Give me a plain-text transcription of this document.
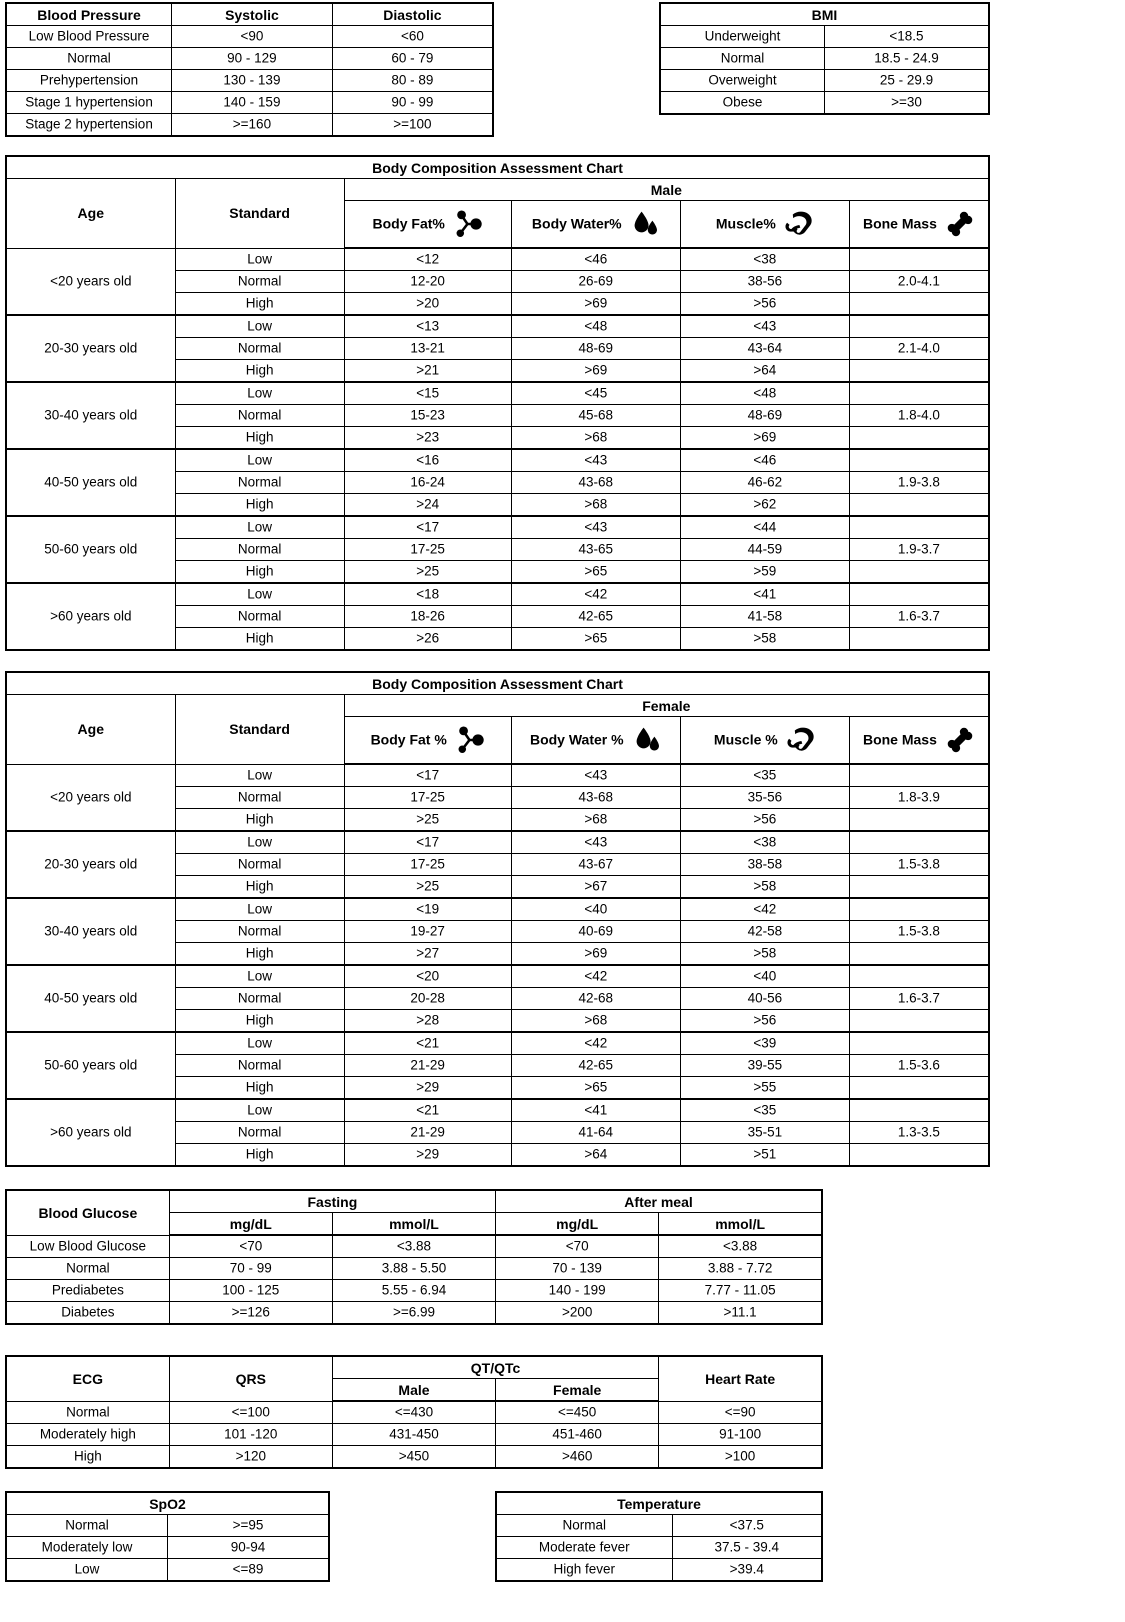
Blood Pressure	Systolic	Diastolic
Low Blood Pressure	<90	<60
Normal	90 - 129	60 - 79
Prehypertension	130 - 139	80 - 89
Stage 1 hypertension	140 - 159	90 - 99
Stage 2 hypertension	>=160	>=100
BMI	
Underweight	<18.5
Normal	18.5 - 24.9
Overweight	25 - 29.9
Obese	>=30
Body Composition Assessment Chart					
Age	Standard	Male			
		Body Fat%	Body Water%	Muscle%	Bone Mass

<20 years old	Low	<12	<46	<38	
	Normal	12-20	26-69	38-56	2.0-4.1
	High	>20	>69	>56	
20-30 years old	Low	<13	<48	<43	
	Normal	13-21	48-69	43-64	2.1-4.0
	High	>21	>69	>64	
30-40 years old	Low	<15	<45	<48	
	Normal	15-23	45-68	48-69	1.8-4.0
	High	>23	>68	>69	
40-50 years old	Low	<16	<43	<46	
	Normal	16-24	43-68	46-62	1.9-3.8
	High	>24	>68	>62	
50-60 years old	Low	<17	<43	<44	
	Normal	17-25	43-65	44-59	1.9-3.7
	High	>25	>65	>59	
>60 years old	Low	<18	<42	<41	
	Normal	18-26	42-65	41-58	1.6-3.7
	High	>26	>65	>58	
Body Composition Assessment Chart					
Age	Standard	Female			
		Body Fat %	Body Water %	Muscle %	Bone Mass

<20 years old	Low	<17	<43	<35	
	Normal	17-25	43-68	35-56	1.8-3.9
	High	>25	>68	>56	
20-30 years old	Low	<17	<43	<38	
	Normal	17-25	43-67	38-58	1.5-3.8
	High	>25	>67	>58	
30-40 years old	Low	<19	<40	<42	
	Normal	19-27	40-69	42-58	1.5-3.8
	High	>27	>69	>58	
40-50 years old	Low	<20	<42	<40	
	Normal	20-28	42-68	40-56	1.6-3.7
	High	>28	>68	>56	
50-60 years old	Low	<21	<42	<39	
	Normal	21-29	42-65	39-55	1.5-3.6
	High	>29	>65	>55	
>60 years old	Low	<21	<41	<35	
	Normal	21-29	41-64	35-51	1.3-3.5
	High	>29	>64	>51	
Blood Glucose	Fasting		After meal	
	mg/dL	mmol/L	mg/dL	mmol/L
Low Blood Glucose	<70	<3.88	<70	<3.88
Normal	70 - 99	3.88 - 5.50	70 - 139	3.88 - 7.72
Prediabetes	100 - 125	5.55 - 6.94	140 - 199	7.77 - 11.05
Diabetes	>=126	>=6.99	>200	>11.1
ECG	QRS	QT/QTc		Heart Rate
		Male	Female	
Normal	<=100	<=430	<=450	<=90
Moderately high	101 -120	431-450	451-460	91-100
High	>120	>450	>460	>100
SpO2	
Normal	>=95
Moderately low	90-94
Low	<=89
Temperature	
Normal	<37.5
Moderate fever	37.5 - 39.4
High fever	>39.4
